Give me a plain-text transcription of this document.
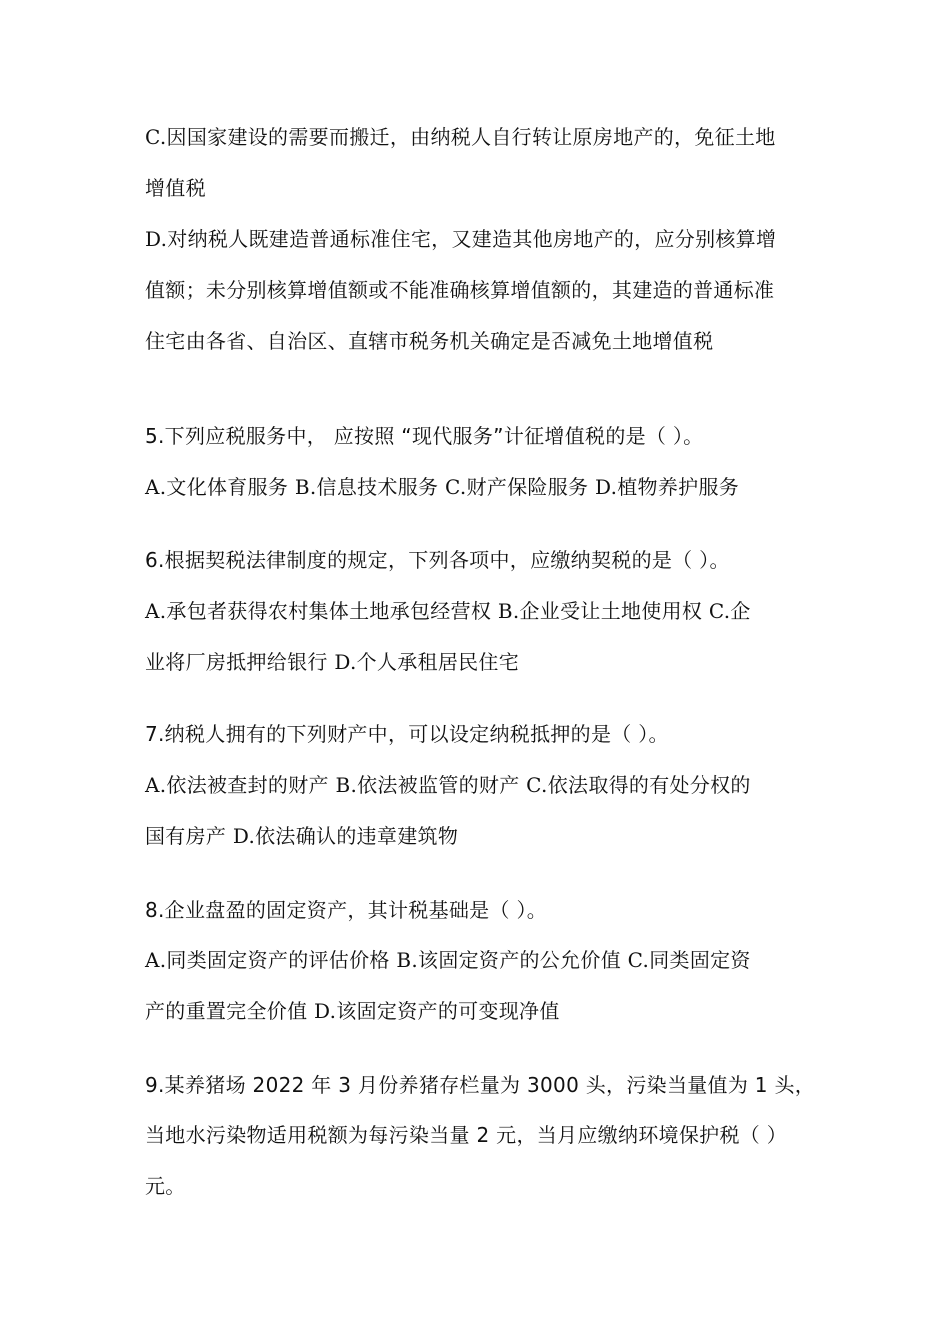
C.因国家建设的需要而搬迁，由纳税人自行转让原房地产的，免征土地
增值税
D.对纳税人既建造普通标准住宅，又建造其他房地产的，应分别核算增
值额；未分别核算增值额或不能准确核算增值额的，其建造的普通标准
住宅由各省、自治区、直辖市税务机关确定是否减免土地增值税
5.下列应税服务中， 应按照 “现代服务”计征增值税的是（ ）。
A.文化体育服务 B.信息技术服务 C.财产保险服务 D.植物养护服务
6.根据契税法律制度的规定，下列各项中，应缴纳契税的是（ ）。
A.承包者获得农村集体土地承包经营权 B.企业受让土地使用权 C.企
业将厂房抵押给银行 D.个人承租居民住宅
7.纳税人拥有的下列财产中，可以设定纳税抵押的是（ ）。
A.依法被查封的财产 B.依法被监管的财产 C.依法取得的有处分权的
国有房产 D.依法确认的违章建筑物
8.企业盘盈的固定资产，其计税基础是（ ）。
A.同类固定资产的评估价格 B.该固定资产的公允价值 C.同类固定资
产的重置完全价值 D.该固定资产的可变现净值
9.某养猪场 2022 年 3 月份养猪存栏量为 3000 头，污染当量值为 1 头，
当地水污染物适用税额为每污染当量 2 元，当月应缴纳环境保护税（ ）
元。
